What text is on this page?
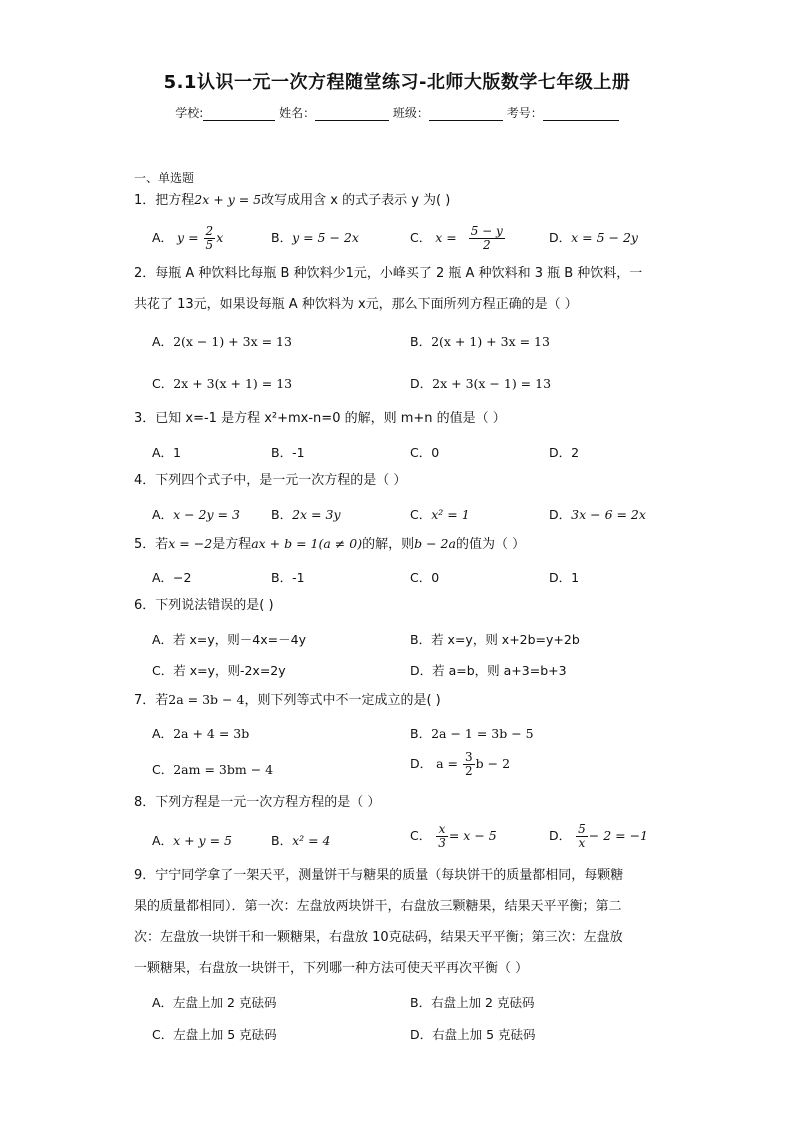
5.1认识一元一次方程随堂练习-北师大版数学七年级上册
学校:	姓名：	班级：	考号：
一、单选题
1．把方程2x + y = 5改写成用含 x 的式子表示 y 为( )
A． $y = \frac{2}{5}$ x	B．y = 5 − 2x	C． $x = \frac{5 - y}{2}$	D．x = 5 − 2y
2．每瓶 A 种饮料比每瓶 B 种饮料少1元，小峰买了 2 瓶 A 种饮料和 3 瓶 B 种饮料，一
共花了 13元，如果设每瓶 A 种饮料为 x元，那么下面所列方程正确的是（ ）
A．2(x − 1) + 3x = 13	B．2(x + 1) + 3x = 13
C．2x + 3(x + 1) = 13	D．2x + 3(x − 1) = 13
3．已知 x=-1 是方程 x²+mx-n=0 的解，则 m+n 的值是（ ）
A．1	B．-1	C．0	D．2
4．下列四个式子中，是一元一次方程的是（ ）
A．x − 2y = 3 B．2x = 3y	C．x² = 1	D．3x − 6 = 2x
5．若x = −2是方程ax + b = 1(a ≠ 0)的解，则b − 2a的值为（ ）
A．−2	B．-1	C．0	D．1
6．下列说法错误的是( )
A．若 x=y，则－4x=－4y	B．若 x=y，则 x+2b=y+2b
C．若 x=y，则-2x=2y	D．若 a=b，则 a+3=b+3
7．若2a = 3b − 4，则下列等式中不一定成立的是( )
A．2a + 4 = 3b	B．2a − 1 = 3b − 5
C．2am = 3bm − 4	D． $a = \frac{3}{2}$ b − 2
8．下列方程是一元一次方程方程的是（ ）
A．x + y = 5	B．x² = 4	C． $\frac{x}{3} = x - 5$	D． $\frac{5}{x} - 2 = -1$
9．宁宁同学拿了一架天平，测量饼干与糖果的质量（每块饼干的质量都相同，每颗糖
果的质量都相同）．第一次：左盘放两块饼干，右盘放三颗糖果，结果天平平衡；第二
次：左盘放一块饼干和一颗糖果，右盘放 10克砝码，结果天平平衡；第三次：左盘放
一颗糖果，右盘放一块饼干，下列哪一种方法可使天平再次平衡（ ）
A．左盘上加 2 克砝码	B．右盘上加 2 克砝码
C．左盘上加 5 克砝码	D．右盘上加 5 克砝码
